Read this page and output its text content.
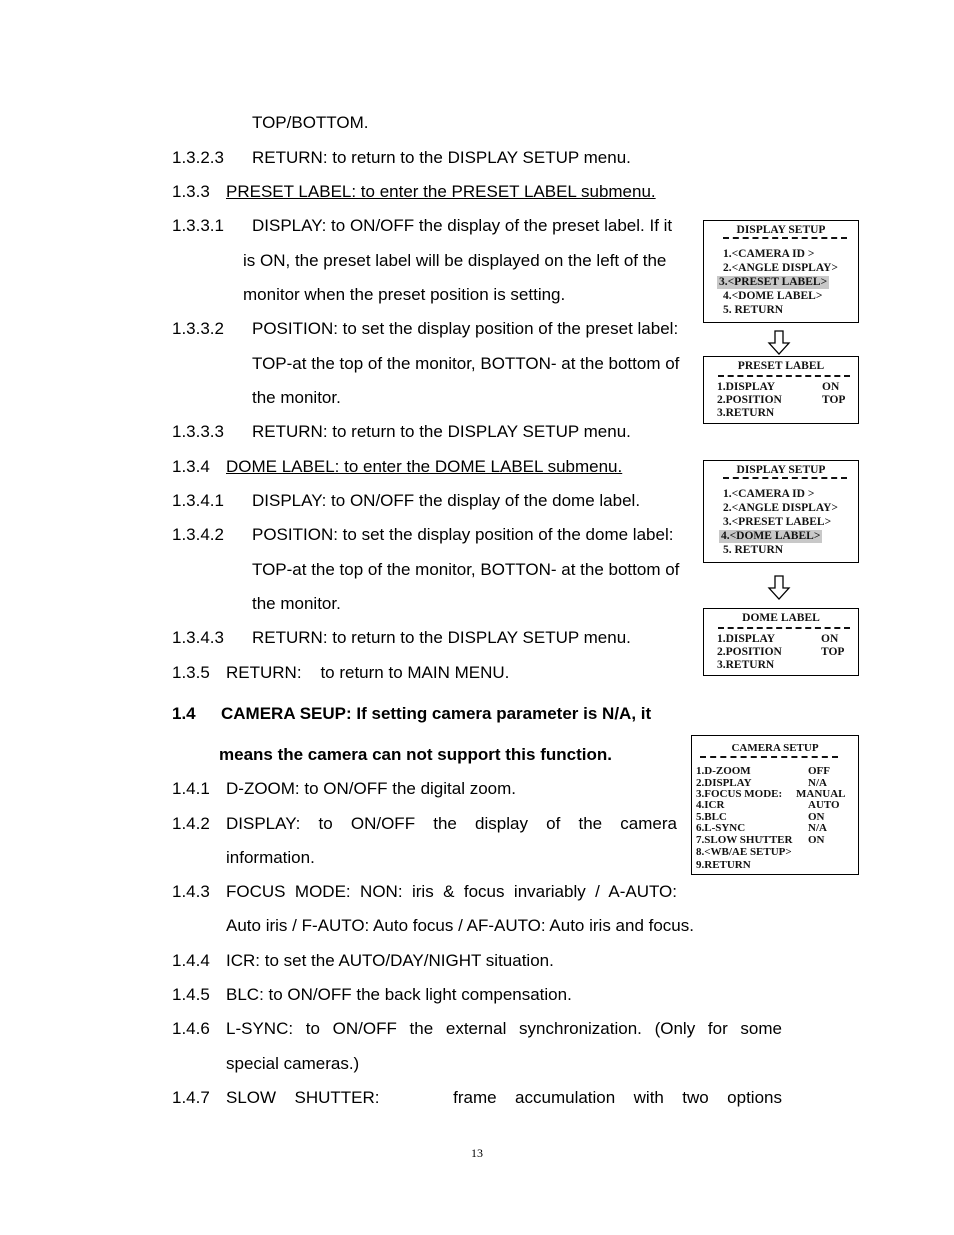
TOP/BOTTOM.
1.3.2.3 RETURN: to return to the DISPLAY SETUP menu.
1.3.3 PRESET LABEL: to enter the PRESET LABEL submenu.
1.3.3.1 DISPLAY: to ON/OFF the display of the preset label. If it
is ON, the preset label will be displayed on the left of the
monitor when the preset position is setting.
1.3.3.2 POSITION: to set the display position of the preset label:
TOP-at the top of the monitor, BOTTON- at the bottom of
the monitor.
1.3.3.3 RETURN: to return to the DISPLAY SETUP menu.
1.3.4 DOME LABEL: to enter the DOME LABEL submenu.
1.3.4.1 DISPLAY: to ON/OFF the display of the dome label.
1.3.4.2 POSITION: to set the display position of the dome label:
TOP-at the top of the monitor, BOTTON- at the bottom of
the monitor.
1.3.4.3 RETURN: to return to the DISPLAY SETUP menu.
1.3.5 RETURN:    to return to MAIN MENU.
1.4 CAMERA SEUP: If setting camera parameter is N/A, it
means the camera can not support this function.
1.4.1 D-ZOOM: to ON/OFF the digital zoom.
1.4.2 DISPLAY: to ON/OFF the display of the camera
information.
1.4.3 FOCUS MODE: NON: iris & focus invariably / A-AUTO:
Auto iris / F-AUTO: Auto focus / AF-AUTO: Auto iris and focus.
1.4.4 ICR: to set the AUTO/DAY/NIGHT situation.
1.4.5 BLC: to ON/OFF the back light compensation.
1.4.6 L-SYNC: to ON/OFF the external synchronization. (Only for some
special cameras.)
1.4.7 SLOW SHUTTER:    frame accumulation with two options
DISPLAY SETUP
1.<CAMERA ID >
2.<ANGLE DISPLAY>
3.<PRESET LABEL>
4.<DOME LABEL>
5. RETURN
PRESET LABEL
1.DISPLAY
2.POSITION
3.RETURN
ON
TOP
DISPLAY SETUP
1.<CAMERA ID >
2.<ANGLE DISPLAY>
3.<PRESET LABEL>
4.<DOME LABEL>
5. RETURN
DOME LABEL
1.DISPLAY
2.POSITION
3.RETURN
ON
TOP
CAMERA SETUP
1.D-ZOOM
2.DISPLAY
3.FOCUS MODE:
4.ICR
5.BLC
6.L-SYNC
7.SLOW SHUTTER
8.<WB/AE SETUP>
9.RETURN
OFF
N/A
MANUAL
AUTO
ON
N/A
ON
13
